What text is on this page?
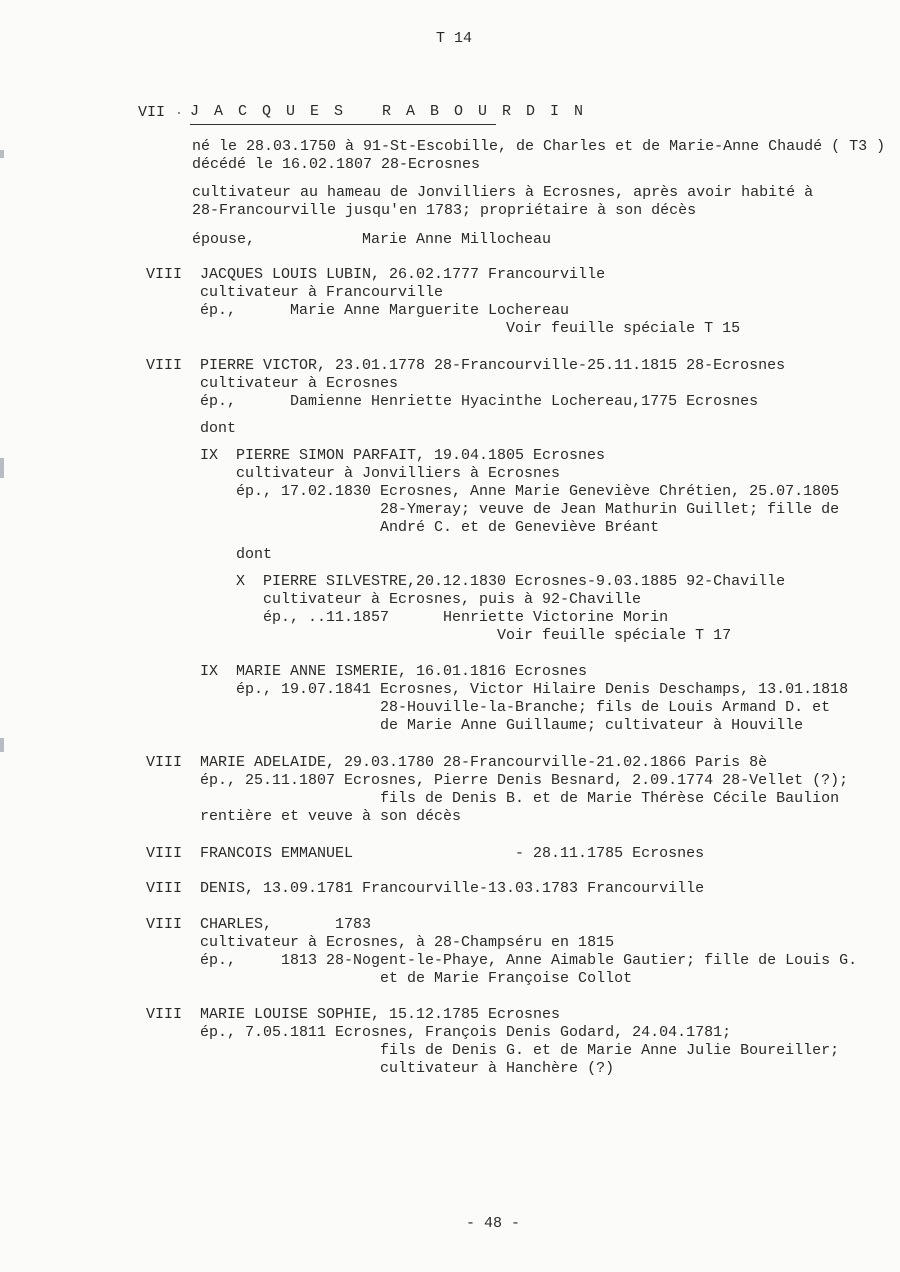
T 14
VII J A C Q U E S   R A B O U R D I N
né le 28.03.1750 à 91-St-Escobille, de Charles et de Marie-Anne Chaudé ( T3 )
décédé le 16.02.1807 28-Ecrosnes
cultivateur au hameau de Jonvilliers à Ecrosnes, après avoir habité à
28-Francourville jusqu'en 1783; propriétaire à son décès
épouse,	Marie Anne Millocheau
VIII JACQUES LOUIS LUBIN, 26.02.1777 Francourville
cultivateur à Francourville
ép.,      Marie Anne Marguerite Lochereau
Voir feuille spéciale T 15
VIII PIERRE VICTOR, 23.01.1778 28-Francourville-25.11.1815 28-Ecrosnes
cultivateur à Ecrosnes
ép.,      Damienne Henriette Hyacinthe Lochereau,1775 Ecrosnes
dont
IX PIERRE SIMON PARFAIT, 19.04.1805 Ecrosnes
cultivateur à Jonvilliers à Ecrosnes
ép., 17.02.1830 Ecrosnes, Anne Marie Geneviève Chrétien, 25.07.1805
28-Ymeray; veuve de Jean Mathurin Guillet; fille de
André C. et de Geneviève Bréant
dont
X PIERRE SILVESTRE,20.12.1830 Ecrosnes-9.03.1885 92-Chaville
cultivateur à Ecrosnes, puis à 92-Chaville
ép., ..11.1857      Henriette Victorine Morin
Voir feuille spéciale T 17
IX MARIE ANNE ISMERIE, 16.01.1816 Ecrosnes
ép., 19.07.1841 Ecrosnes, Victor Hilaire Denis Deschamps, 13.01.1818
28-Houville-la-Branche; fils de Louis Armand D. et
de Marie Anne Guillaume; cultivateur à Houville
VIII MARIE ADELAIDE, 29.03.1780 28-Francourville-21.02.1866 Paris 8è
ép., 25.11.1807 Ecrosnes, Pierre Denis Besnard, 2.09.1774 28-Vellet (?);
fils de Denis B. et de Marie Thérèse Cécile Baulion
rentière et veuve à son décès
VIII FRANCOIS EMMANUEL                  - 28.11.1785 Ecrosnes
VIII DENIS, 13.09.1781 Francourville-13.03.1783 Francourville
VIII CHARLES,       1783
cultivateur à Ecrosnes, à 28-Champséru en 1815
ép.,     1813 28-Nogent-le-Phaye, Anne Aimable Gautier; fille de Louis G.
et de Marie Françoise Collot
VIII MARIE LOUISE SOPHIE, 15.12.1785 Ecrosnes
ép., 7.05.1811 Ecrosnes, François Denis Godard, 24.04.1781;
fils de Denis G. et de Marie Anne Julie Boureiller;
cultivateur à Hanchère (?)
- 48 -
